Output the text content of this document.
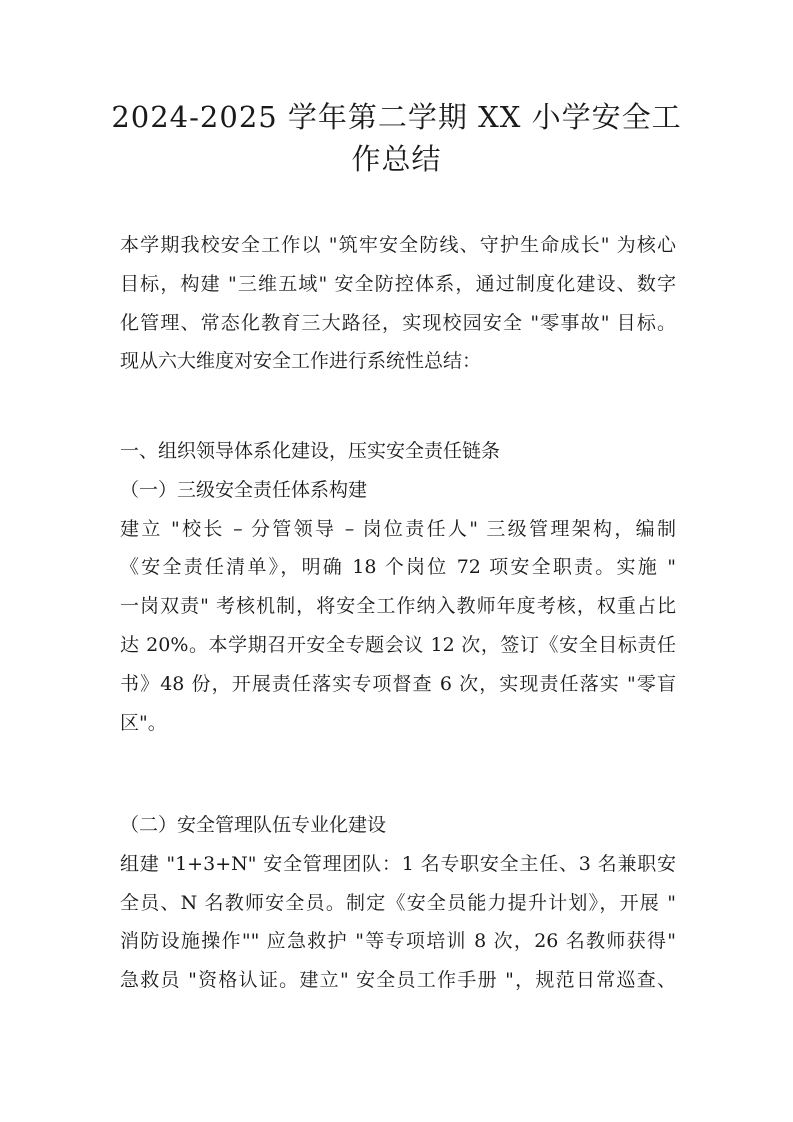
2024-2025 学年第二学期 XX 小学安全工
作总结

本学期我校安全工作以 "筑牢安全防线、守护生命成长" 为核心

目标，构建 "三维五域" 安全防控体系，通过制度化建设、数字

化管理、常态化教育三大路径，实现校园安全 "零事故" 目标。

现从六大维度对安全工作进行系统性总结：

一、组织领导体系化建设，压实安全责任链条
（一）三级安全责任体系构建

建立 "校长 – 分管领导 – 岗位责任人" 三级管理架构，编制

《安全责任清单》，明确 18 个岗位 72 项安全职责。实施 "

一岗双责" 考核机制，将安全工作纳入教师年度考核，权重占比

达 20%。本学期召开安全专题会议 12 次，签订《安全目标责任

书》48 份，开展责任落实专项督查 6 次，实现责任落实 "零盲

区"。

（二）安全管理队伍专业化建设

组建 "1+3+N" 安全管理团队：1 名专职安全主任、3 名兼职安

全员、N 名教师安全员。制定《安全员能力提升计划》，开展 "

消防设施操作"" 应急救护 "等专项培训 8 次，26 名教师获得"

急救员 "资格认证。建立" 安全员工作手册 "，规范日常巡查、
